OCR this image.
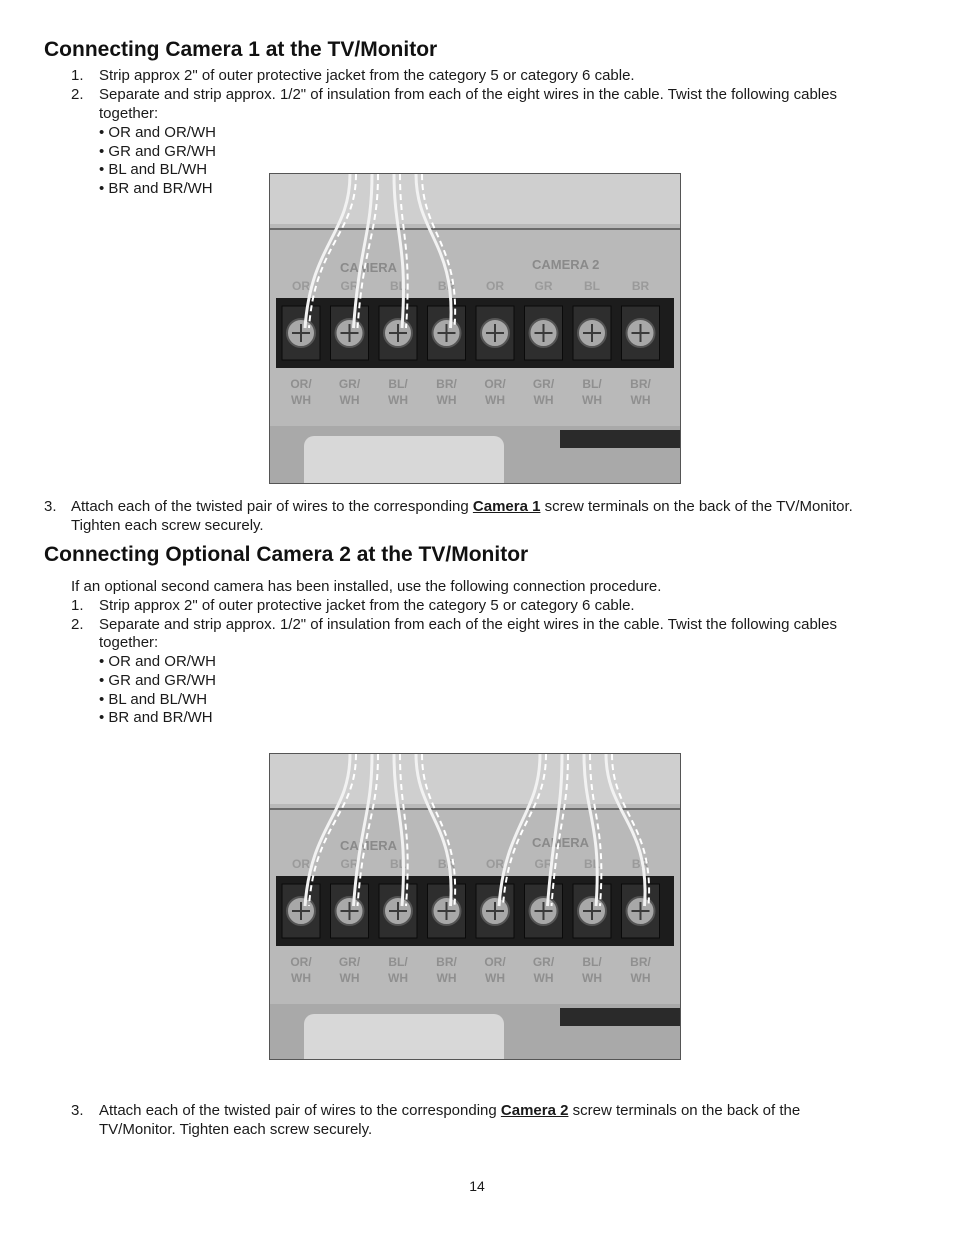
Connecting Camera 1 at the TV/Monitor
1. Strip approx 2" of outer protective jacket from the category 5 or category 6 cable.
2. Separate and strip approx. 1/2" of insulation from each of the eight wires in the cable. Twist the following cables
together:
• OR and OR/WH
• GR and GR/WH
• BL and BL/WH
• BR and BR/WH
CAMERA	CAMERA 2
OR
OR/
WH
GR
GR/
WH
BL
BL/
WH
BR
BR/
WH
OR
OR/
WH
GR
GR/
WH
BL
BL/
WH
BR
BR/
WH
3. Attach each of the twisted pair of wires to the corresponding Camera 1 screw terminals on the back of the TV/Monitor.
Tighten each screw securely.
Connecting Optional Camera 2 at the TV/Monitor
If an optional second camera has been installed, use the following connection procedure.
1. Strip approx 2" of outer protective jacket from the category 5 or category 6 cable.
2. Separate and strip approx. 1/2" of insulation from each of the eight wires in the cable. Twist the following cables
together:
• OR and OR/WH
• GR and GR/WH
• BL and BL/WH
• BR and BR/WH
CAMERA	CAMERA
OR
OR/
WH
GR
GR/
WH
BL
BL/
WH
BR
BR/
WH
OR
OR/
WH
GR
GR/
WH
BL
BL/
WH
BR
BR/
WH
3. Attach each of the twisted pair of wires to the corresponding Camera 2 screw terminals on the back of the
TV/Monitor. Tighten each screw securely.
14
